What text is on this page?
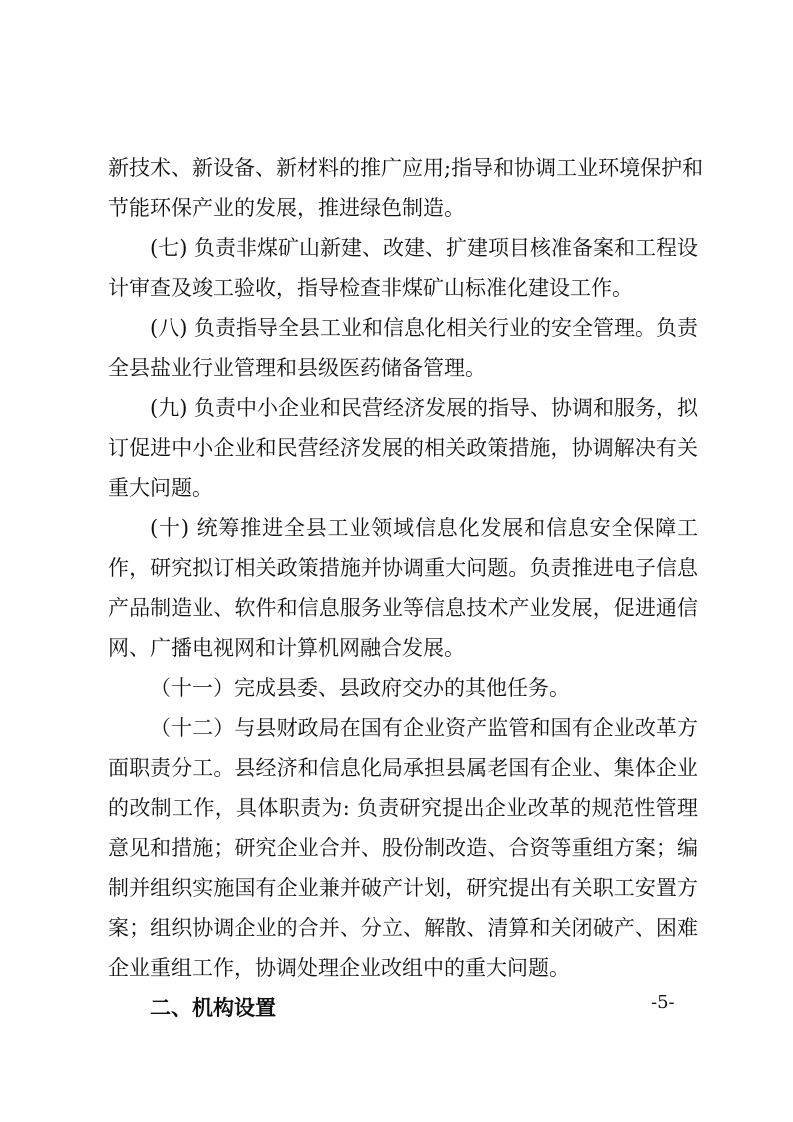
新技术、新设备、新材料的推广应用;指导和协调工业环境保护和
节能环保产业的发展，推进绿色制造。
(七) 负责非煤矿山新建、改建、扩建项目核准备案和工程设
计审查及竣工验收，指导检查非煤矿山标准化建设工作。
(八) 负责指导全县工业和信息化相关行业的安全管理。负责
全县盐业行业管理和县级医药储备管理。
(九) 负责中小企业和民营经济发展的指导、协调和服务，拟
订促进中小企业和民营经济发展的相关政策措施，协调解决有关
重大问题。
(十) 统筹推进全县工业领域信息化发展和信息安全保障工
作，研究拟订相关政策措施并协调重大问题。负责推进电子信息
产品制造业、软件和信息服务业等信息技术产业发展，促进通信
网、广播电视网和计算机网融合发展。
（十一）完成县委、县政府交办的其他任务。
（十二）与县财政局在国有企业资产监管和国有企业改革方
面职责分工。县经济和信息化局承担县属老国有企业、集体企业
的改制工作，具体职责为: 负责研究提出企业改革的规范性管理
意见和措施；研究企业合并、股份制改造、合资等重组方案；编
制并组织实施国有企业兼并破产计划，研究提出有关职工安置方
案；组织协调企业的合并、分立、解散、清算和关闭破产、困难
企业重组工作，协调处理企业改组中的重大问题。
二、机构设置	-5-
